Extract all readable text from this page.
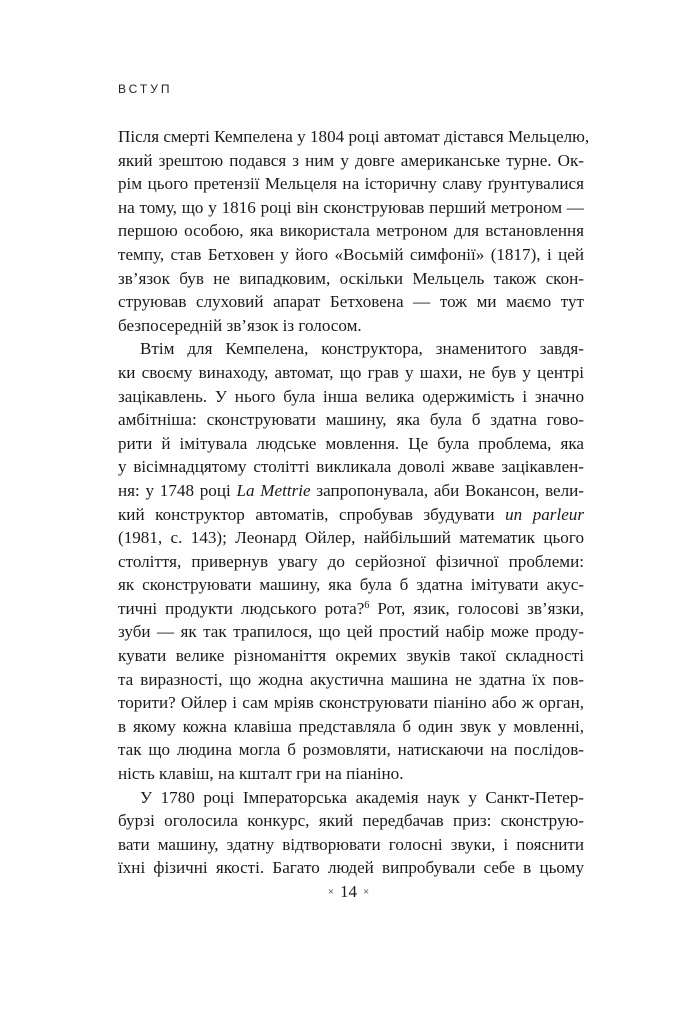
ВСТУП

Після смерті Кемпелена у 1804 році автомат дістався Мельцелю,
який зрештою подався з ним у довге американське турне. Ок-
рім цього претензії Мельцеля на історичну славу ґрунтувалися
на тому, що у 1816 році він сконструював перший метроном —
першою особою, яка використала метроном для встановлення
темпу, став Бетховен у його «Восьмій симфонії» (1817), і цей
зв’язок був не випадковим, оскільки Мельцель також скон-
струював слуховий апарат Бетховена — тож ми маємо тут
безпосередній зв’язок із голосом.

Втім для Кемпелена, конструктора, знаменитого завдя-
ки своєму винаходу, автомат, що грав у шахи, не був у центрі
зацікавлень. У нього була інша велика одержимість і значно
амбітніша: сконструювати машину, яка була б здатна гово-
рити й імітувала людське мовлення. Це була проблема, яка
у вісімнадцятому столітті викликала доволі жваве зацікавлен-
ня: у 1748 році La Mettrie запропонувала, аби Вокансон, вели-
кий конструктор автоматів, спробував збудувати un parleur
(1981, с. 143); Леонард Ойлер, найбільший математик цього
століття, привернув увагу до серйозної фізичної проблеми:
як сконструювати машину, яка була б здатна імітувати акус-
тичні продукти людського рота?$^6$ Рот, язик, голосові зв’язки,
зуби — як так трапилося, що цей простий набір може проду-
кувати велике різноманіття окремих звуків такої складності
та виразності, що жодна акустична машина не здатна їх пов-
торити? Ойлер і сам мріяв сконструювати піаніно або ж орган,
в якому кожна клавіша представляла б один звук у мовленні,
так що людина могла б розмовляти, натискаючи на послідов-
ність клавіш, на кшталт гри на піаніно.

У 1780 році Імператорська академія наук у Санкт-Петер-
бурзі оголосила конкурс, який передбачав приз: сконструю-
вати машину, здатну відтворювати голосні звуки, і пояснити
їхні фізичні якості. Багато людей випробували себе в цьому

× 14 ×
